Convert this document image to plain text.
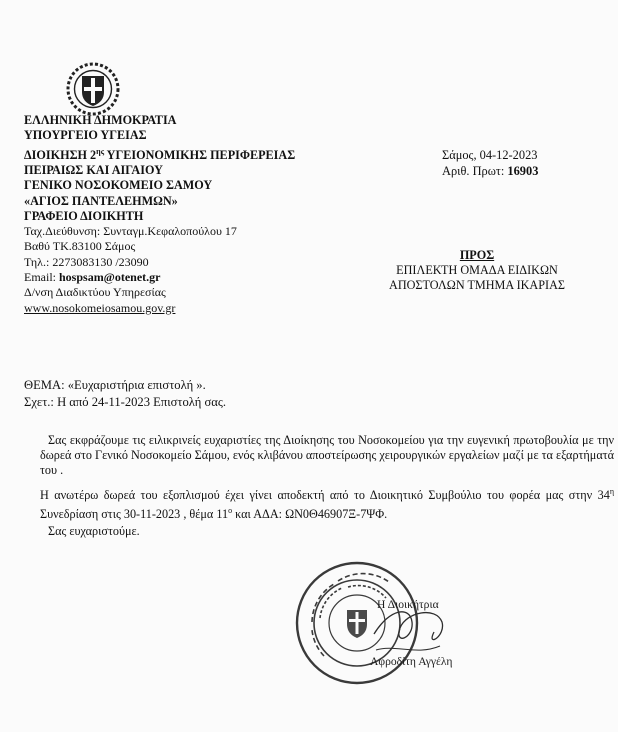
ΕΛΛΗΝΙΚΗ ΔΗΜΟΚΡΑΤΙΑ
ΥΠΟΥΡΓΕΙΟ ΥΓΕΙΑΣ
ΔΙΟΙΚΗΣΗ $2^{\eta\varsigma}$ ΥΓΕΙΟΝΟΜΙΚΗΣ ΠΕΡΙΦΕΡΕΙΑΣ
ΠΕΙΡΑΙΩΣ ΚΑΙ ΑΙΓΑΙΟΥ
ΓΕΝΙΚΟ ΝΟΣΟΚΟΜΕΙΟ ΣΑΜΟΥ
«ΑΓΙΟΣ ΠΑΝΤΕΛΕΗΜΩΝ»
ΓΡΑΦΕΙΟ ΔΙΟΙΚΗΤΗ
Ταχ.Διεύθυνση: Συνταγμ.Κεφαλοπούλου 17
Βαθύ ΤΚ.83100 Σάμος
Τηλ.: 2273083130 /23090
Email: hospsam@otenet.gr
Δ/νση Διαδικτύου Υπηρεσίας
www.nosokomeiosamou.gov.gr
Σάμος, 04-12-2023
Αριθ. Πρωτ: 16903
ΠΡΟΣ
ΕΠΙΛΕΚΤΗ ΟΜΑΔΑ ΕΙΔΙΚΩΝ
ΑΠΟΣΤΟΛΩΝ ΤΜΗΜΑ ΙΚΑΡΙΑΣ
ΘΕΜΑ: «Ευχαριστήρια επιστολή ».
Σχετ.: Η από 24-11-2023 Επιστολή σας.

Σας εκφράζουμε τις ειλικρινείς ευχαριστίες της Διοίκησης του Νοσοκομείου για την ευγενική πρωτοβουλία με την δωρεά στο Γενικό Νοσοκομείο Σάμου, ενός κλιβάνου αποστείρωσης χειρουργικών εργαλείων μαζί με τα εξαρτήματά του .

Η ανωτέρω δωρεά του εξοπλισμού έχει γίνει αποδεκτή από το Διοικητικό Συμβούλιο του φορέα μας στην $34^\eta$ Συνεδρίαση στις 30-11-2023 , θέμα $11^o$ και ΑΔΑ: ΩΝ0Θ46907Ξ-7ΨΦ.

Σας ευχαριστούμε.

Η Διοικήτρια
Αφροδίτη Αγγέλη
